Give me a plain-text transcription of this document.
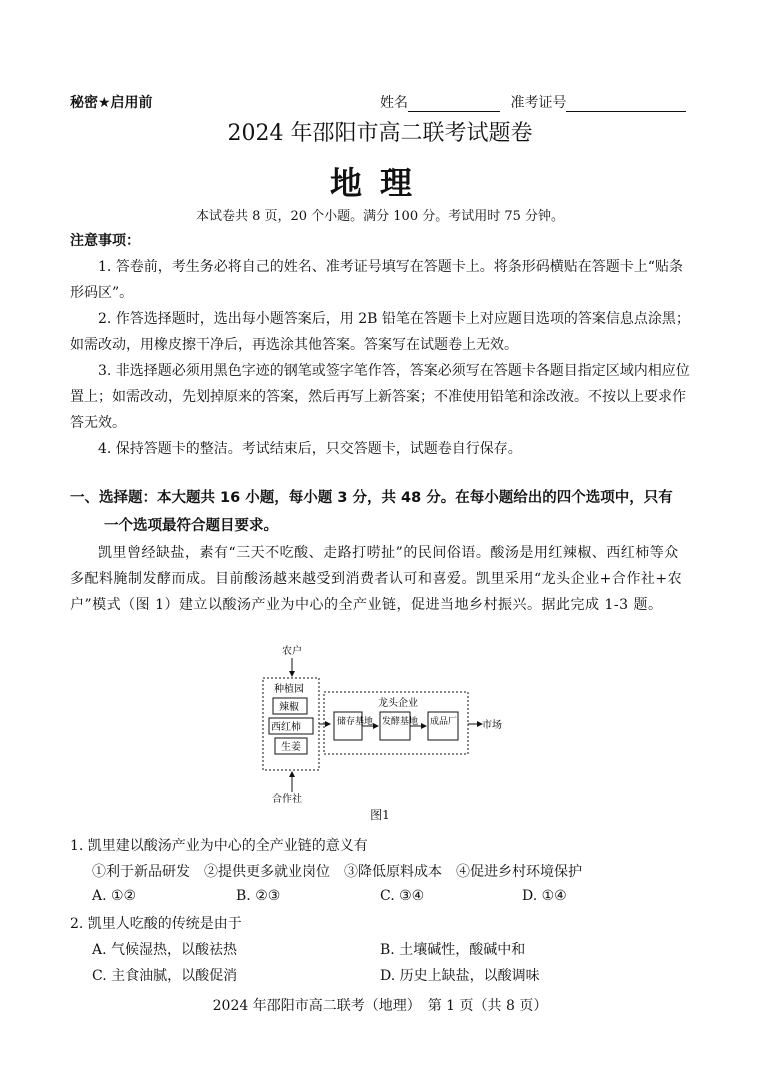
秘密★启用前	姓名	准考证号
2024 年邵阳市高二联考试题卷
地理
本试卷共 8 页，20 个小题。满分 100 分。考试用时 75 分钟。
注意事项：
1. 答卷前，考生务必将自己的姓名、准考证号填写在答题卡上。将条形码横贴在答题卡上“贴条形码区”。
2. 作答选择题时，选出每小题答案后，用 2B 铅笔在答题卡上对应题目选项的答案信息点涂黑；如需改动，用橡皮擦干净后，再选涂其他答案。答案写在试题卷上无效。
3. 非选择题必须用黑色字迹的钢笔或签字笔作答，答案必须写在答题卡各题目指定区域内相应位置上；如需改动，先划掉原来的答案，然后再写上新答案；不准使用铅笔和涂改液。不按以上要求作答无效。
4. 保持答题卡的整洁。考试结束后，只交答题卡，试题卷自行保存。
一、选择题：本大题共 16 小题，每小题 3 分，共 48 分。在每小题给出的四个选项中，只有
一个选项最符合题目要求。
凯里曾经缺盐，素有“三天不吃酸、走路打唠扯”的民间俗语。酸汤是用红辣椒、西红柿等众多配料腌制发酵而成。目前酸汤越来越受到消费者认可和喜爱。凯里采用“龙头企业+合作社+农户”模式（图 1）建立以酸汤产业为中心的全产业链，促进当地乡村振兴。据此完成 1-3 题。
农户
种植园
辣椒
西红柿
生姜
合作社
龙头企业
储存基地 发酵基地 成品厂 市场
图1
1. 凯里建以酸汤产业为中心的全产业链的意义有
①利于新品研发　②提供更多就业岗位　③降低原料成本　④促进乡村环境保护
A. ①②	B. ②③	C. ③④	D. ①④
2. 凯里人吃酸的传统是由于
A. 气候湿热，以酸祛热	B. 土壤碱性，酸碱中和
C. 主食油腻，以酸促消	D. 历史上缺盐，以酸调味
2024 年邵阳市高二联考（地理）　第 1 页（共 8 页）
